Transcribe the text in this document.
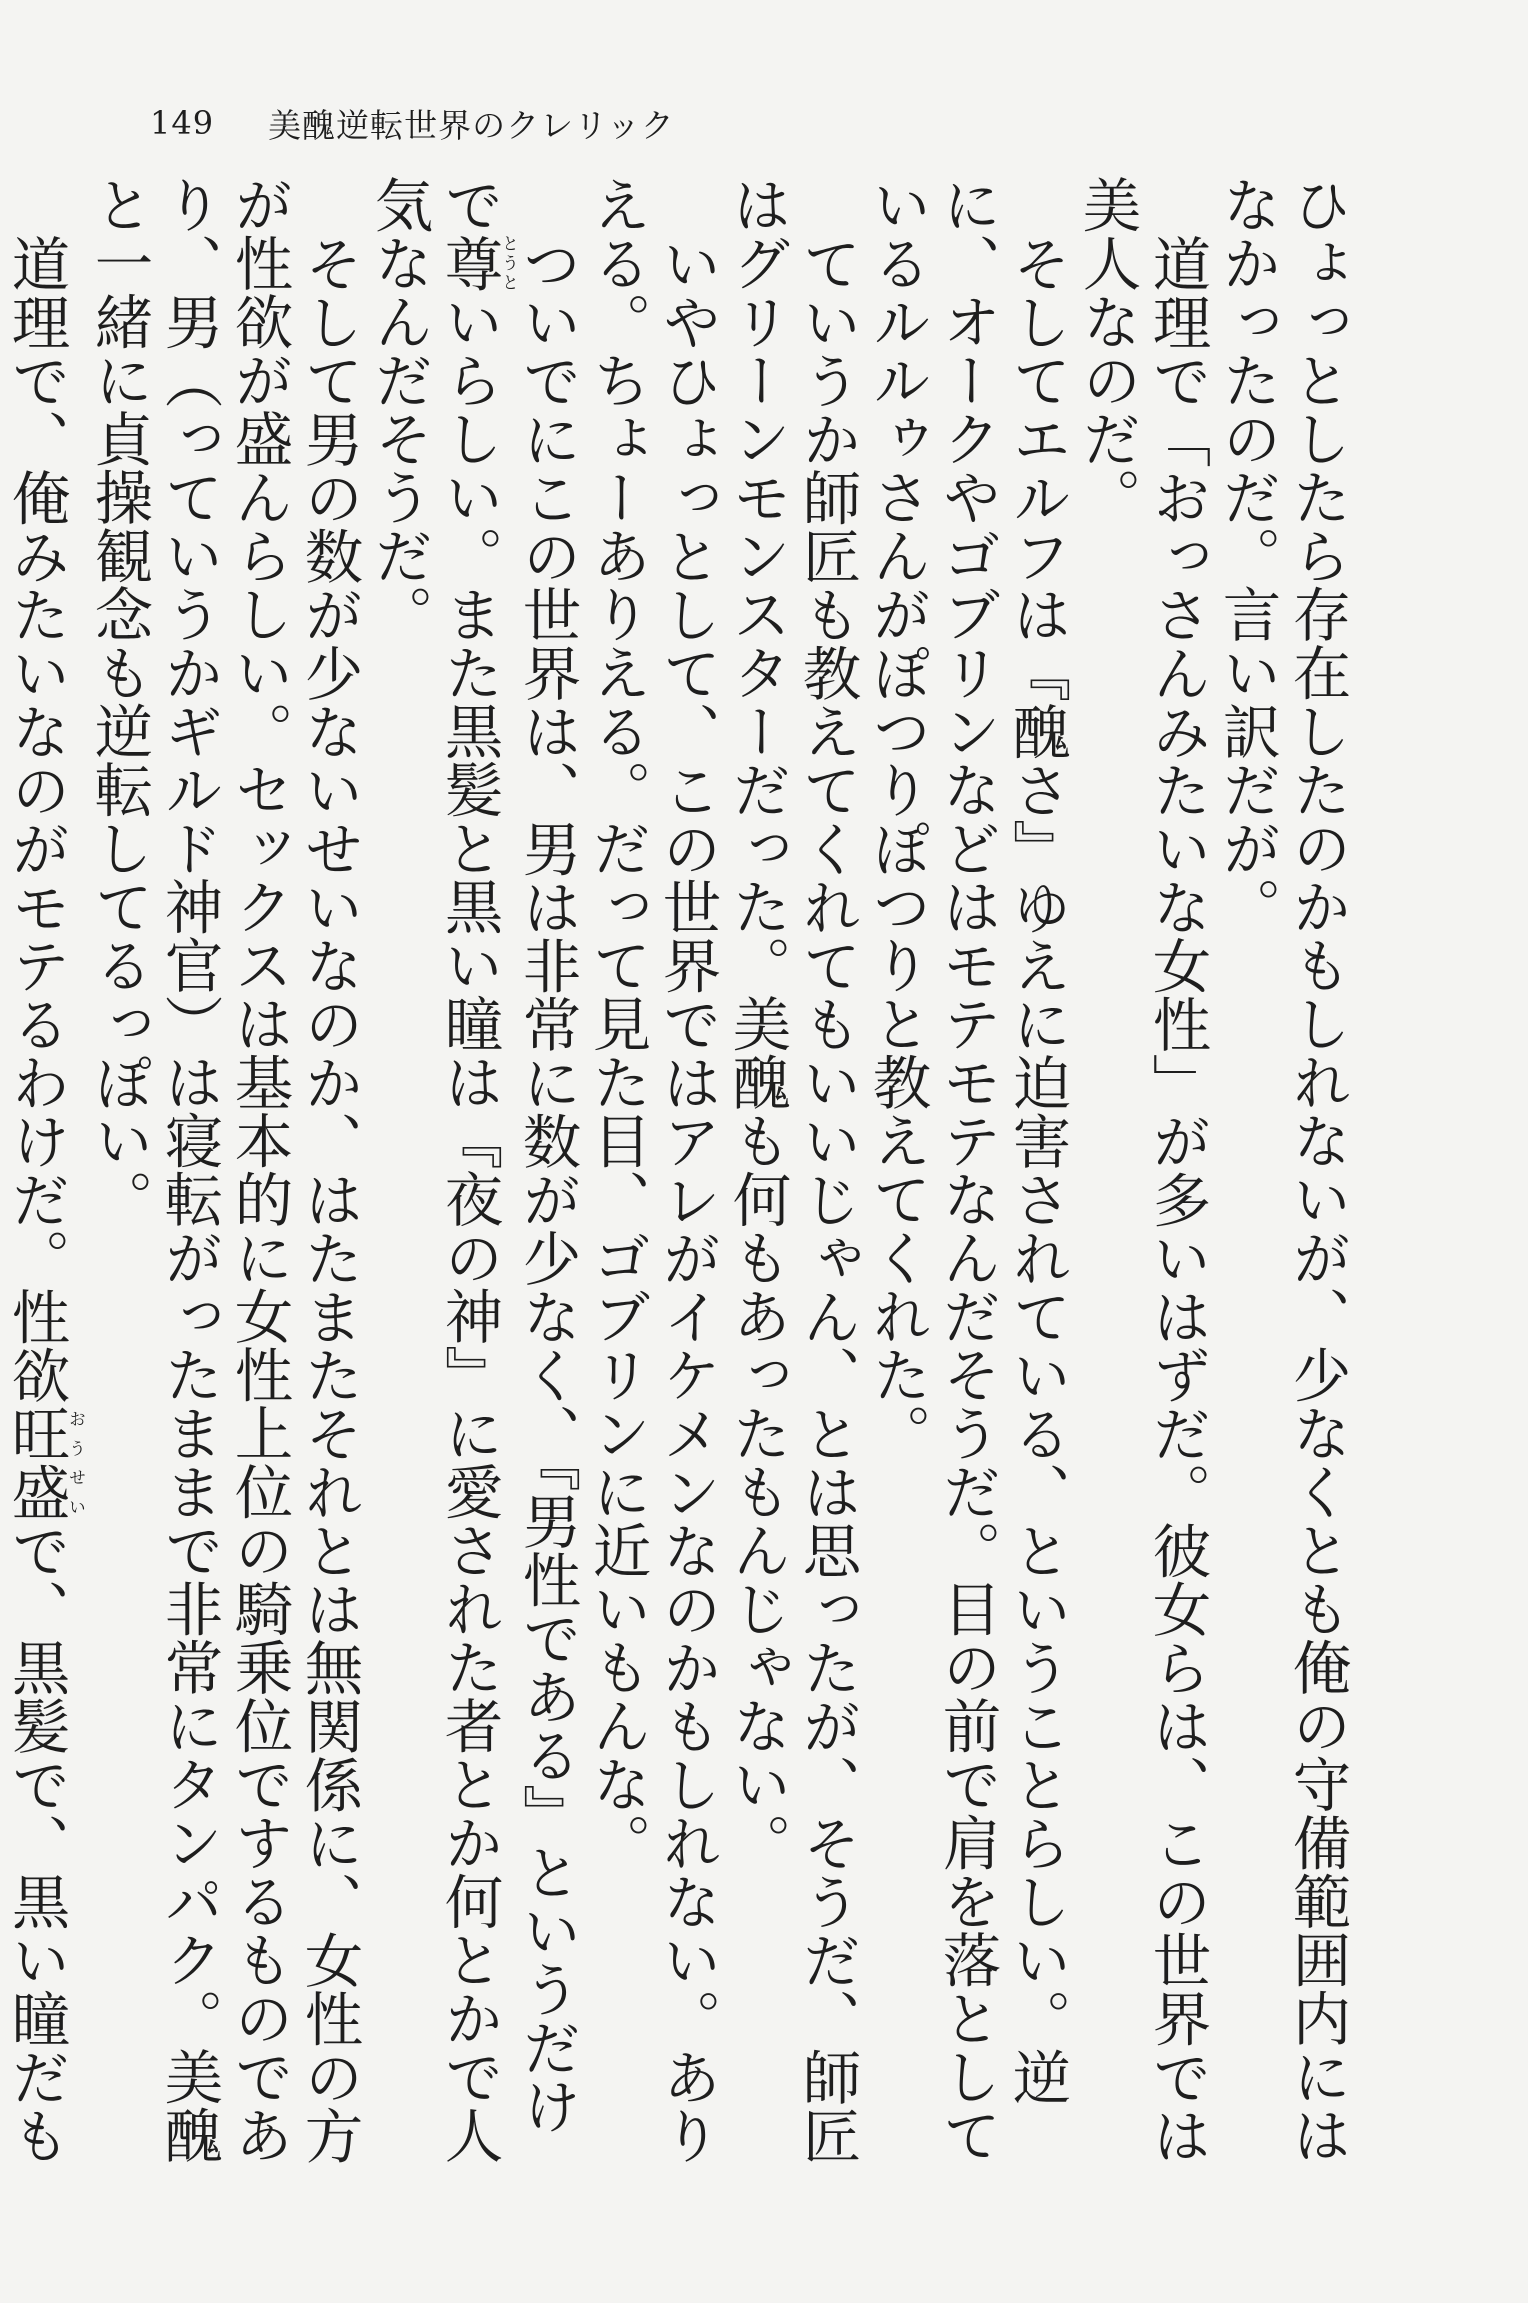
149 美醜逆転世界のクレリック

ひょっとしたら存在したのかもしれないが、少なくとも俺の守備範囲内にはなかったのだ。言い訳だが。

道理で「おっさんみたいな女性」が多いはずだ。彼女らは、この世界では美人なのだ。

そしてエルフは『醜さ』ゆえに迫害されている、ということらしい。逆に、オークやゴブリンなどはモテモテなんだそうだ。目の前で肩を落としているルルゥさんがぽつりぽつりと教えてくれた。

ていうか師匠も教えてくれてもいいじゃん、とは思ったが、そうだ、師匠はグリーンモンスターだった。美醜も何もあったもんじゃない。

いやひょっとして、この世界ではアレがイケメンなのかもしれない。ありえる。ちょーありえる。だって見た目、ゴブリンに近いもんな。

ついでにこの世界は、男は非常に数が少なく、『男性である』というだけで尊とうといらしい。また黒髪と黒い瞳は『夜の神』に愛された者とか何とかで人気なんだそうだ。

そして男の数が少ないせいなのか、はたまたそれとは無関係に、女性の方が性欲が盛んらしい。セックスは基本的に女性上位の騎乗位でするものであり、男（っていうかギルド神官）は寝転がったままで非常にタンパク。美醜と一緒に貞操観念も逆転してるっぽい。

道理で、俺みたいなのがモテるわけだ。性欲旺盛おうせいで、黒髪で、黒い瞳だも
